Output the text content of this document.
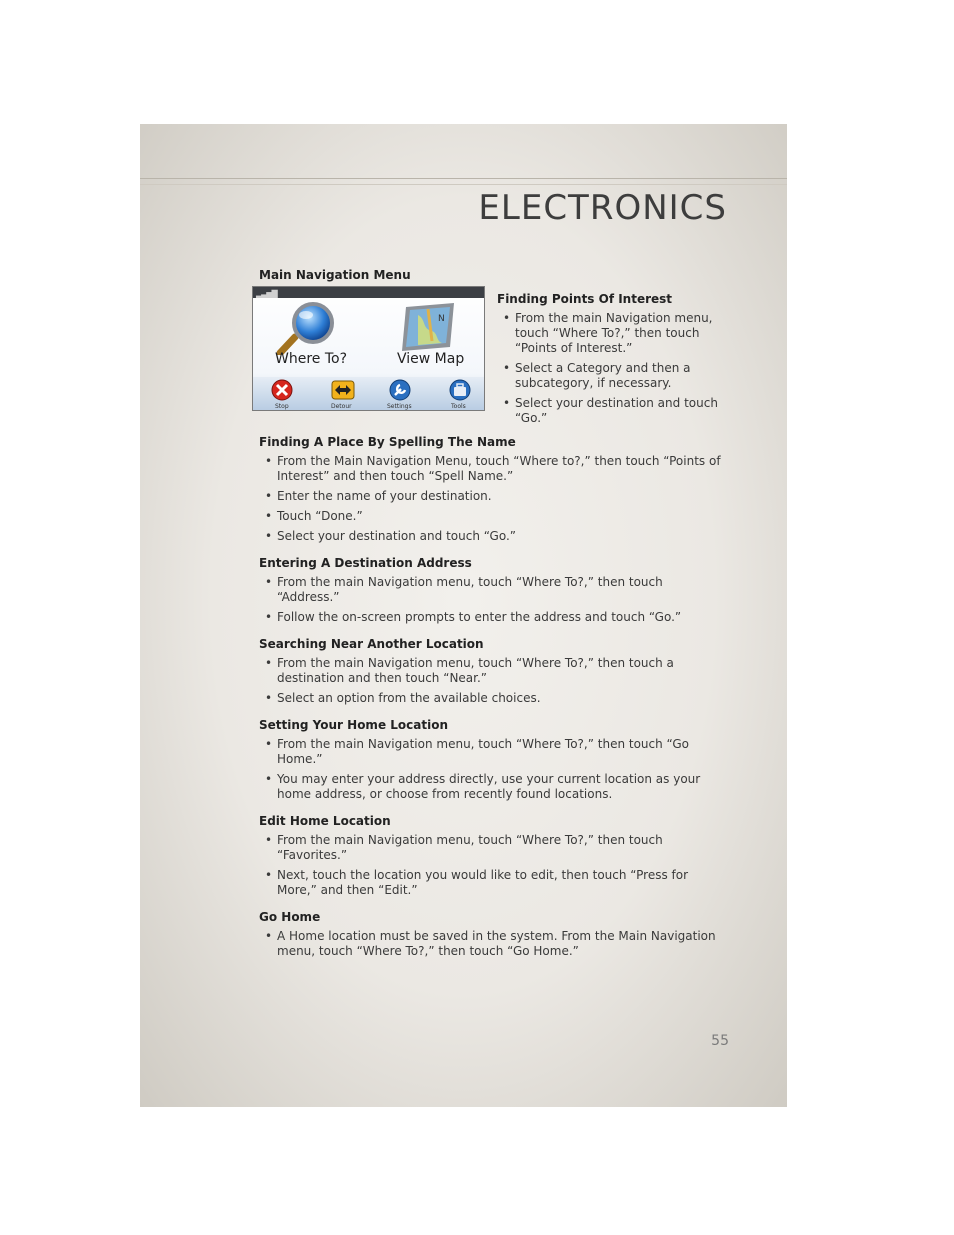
ELECTRONICS
Main Navigation Menu
▂▃▅▇
N
Where To?	View Map
Stop	Detour	Settings	Tools
Finding Points Of Interest
• From the main Navigation menu, touch “Where To?,” then touch “Points of Interest.”
• Select a Category and then a subcategory, if necessary.
• Select your destination and touch “Go.”
Finding A Place By Spelling The Name
• From the Main Navigation Menu, touch “Where to?,” then touch “Points of Interest” and then touch “Spell Name.”
• Enter the name of your destination.
• Touch “Done.”
• Select your destination and touch “Go.”
Entering A Destination Address
• From the main Navigation menu, touch “Where To?,” then touch “Address.”
• Follow the on-screen prompts to enter the address and touch “Go.”
Searching Near Another Location
• From the main Navigation menu, touch “Where To?,” then touch a destination and then touch “Near.”
• Select an option from the available choices.
Setting Your Home Location
• From the main Navigation menu, touch “Where To?,” then touch “Go Home.”
• You may enter your address directly, use your current location as your home address, or choose from recently found locations.
Edit Home Location
• From the main Navigation menu, touch “Where To?,” then touch “Favorites.”
• Next, touch the location you would like to edit, then touch “Press for More,” and then “Edit.”
Go Home
• A Home location must be saved in the system. From the Main Navigation menu, touch “Where To?,” then touch “Go Home.”
55
